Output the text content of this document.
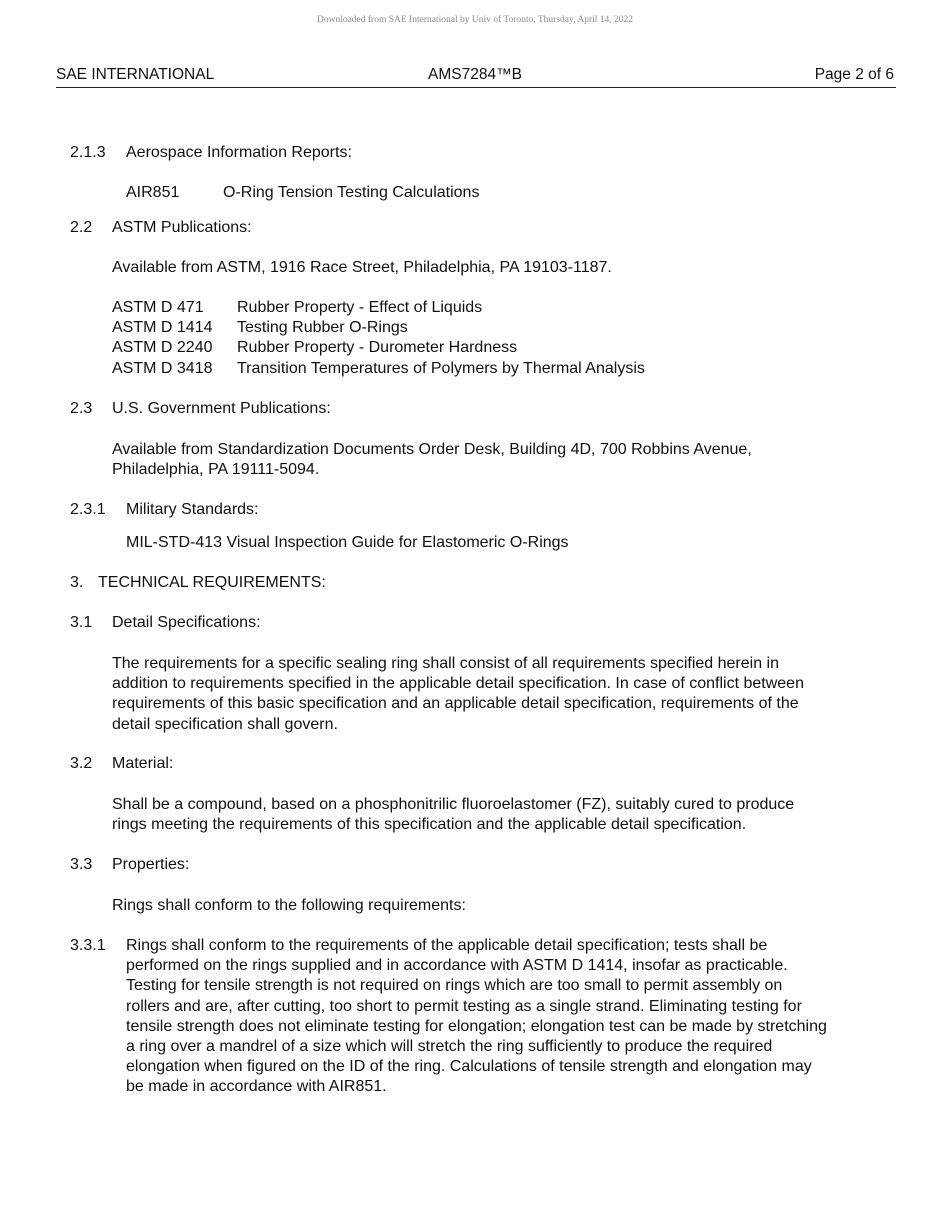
Downloaded from SAE International by Univ of Toronto, Thursday, April 14, 2022
SAE INTERNATIONAL	AMS7284™B	Page 2 of 6
2.1.3 Aerospace Information Reports:
AIR851	O-Ring Tension Testing Calculations
2.2 ASTM Publications:
Available from ASTM, 1916 Race Street, Philadelphia, PA 19103-1187.
ASTM D 471	Rubber Property - Effect of Liquids
ASTM D 1414	Testing Rubber O-Rings
ASTM D 2240	Rubber Property - Durometer Hardness
ASTM D 3418	Transition Temperatures of Polymers by Thermal Analysis
2.3 U.S. Government Publications:
Available from Standardization Documents Order Desk, Building 4D, 700 Robbins Avenue,
Philadelphia, PA 19111-5094.
2.3.1 Military Standards:
MIL-STD-413 Visual Inspection Guide for Elastomeric O-Rings
3. TECHNICAL REQUIREMENTS:
3.1 Detail Specifications:
The requirements for a specific sealing ring shall consist of all requirements specified herein in
addition to requirements specified in the applicable detail specification. In case of conflict between
requirements of this basic specification and an applicable detail specification, requirements of the
detail specification shall govern.
3.2 Material:
Shall be a compound, based on a phosphonitrilic fluoroelastomer (FZ), suitably cured to produce
rings meeting the requirements of this specification and the applicable detail specification.
3.3 Properties:
Rings shall conform to the following requirements:
3.3.1 Rings shall conform to the requirements of the applicable detail specification; tests shall be
performed on the rings supplied and in accordance with ASTM D 1414, insofar as practicable.
Testing for tensile strength is not required on rings which are too small to permit assembly on
rollers and are, after cutting, too short to permit testing as a single strand. Eliminating testing for
tensile strength does not eliminate testing for elongation; elongation test can be made by stretching
a ring over a mandrel of a size which will stretch the ring sufficiently to produce the required
elongation when figured on the ID of the ring. Calculations of tensile strength and elongation may
be made in accordance with AIR851.
